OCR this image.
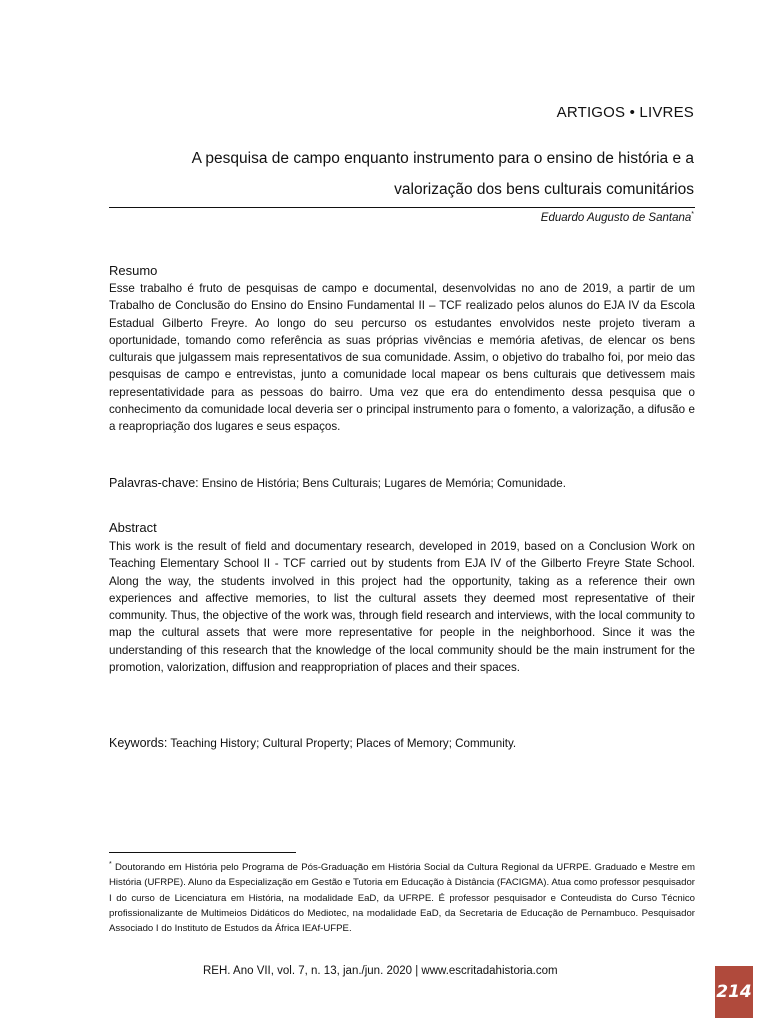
ARTIGOS • LIVRES
A pesquisa de campo enquanto instrumento para o ensino de história e a valorização dos bens culturais comunitários
Eduardo Augusto de Santana*
Resumo
Esse trabalho é fruto de pesquisas de campo e documental, desenvolvidas no ano de 2019, a partir de um Trabalho de Conclusão do Ensino do Ensino Fundamental II – TCF realizado pelos alunos do EJA IV da Escola Estadual Gilberto Freyre. Ao longo do seu percurso os estudantes envolvidos neste projeto tiveram a oportunidade, tomando como referência as suas próprias vivências e memória afetivas, de elencar os bens culturais que julgassem mais representativos de sua comunidade. Assim, o objetivo do trabalho foi, por meio das pesquisas de campo e entrevistas, junto a comunidade local mapear os bens culturais que detivessem mais representatividade para as pessoas do bairro. Uma vez que era do entendimento dessa pesquisa que o conhecimento da comunidade local deveria ser o principal instrumento para o fomento, a valorização, a difusão e a reapropriação dos lugares e seus espaços.
Palavras-chave: Ensino de História; Bens Culturais; Lugares de Memória; Comunidade.
Abstract
This work is the result of field and documentary research, developed in 2019, based on a Conclusion Work on Teaching Elementary School II - TCF carried out by students from EJA IV of the Gilberto Freyre State School. Along the way, the students involved in this project had the opportunity, taking as a reference their own experiences and affective memories, to list the cultural assets they deemed most representative of their community. Thus, the objective of the work was, through field research and interviews, with the local community to map the cultural assets that were more representative for people in the neighborhood. Since it was the understanding of this research that the knowledge of the local community should be the main instrument for the promotion, valorization, diffusion and reappropriation of places and their spaces.
Keywords: Teaching History; Cultural Property; Places of Memory; Community.
* Doutorando em História pelo Programa de Pós-Graduação em História Social da Cultura Regional da UFRPE. Graduado e Mestre em História (UFRPE). Aluno da Especialização em Gestão e Tutoria em Educação à Distância (FACIGMA). Atua como professor pesquisador I do curso de Licenciatura em História, na modalidade EaD, da UFRPE. É professor pesquisador e Conteudista do Curso Técnico profissionalizante de Multimeios Didáticos do Mediotec, na modalidade EaD, da Secretaria de Educação de Pernambuco. Pesquisador Associado I do Instituto de Estudos da África IEAf-UFPE.
REH. Ano VII, vol. 7, n. 13, jan./jun. 2020 | www.escritadahistoria.com
214
